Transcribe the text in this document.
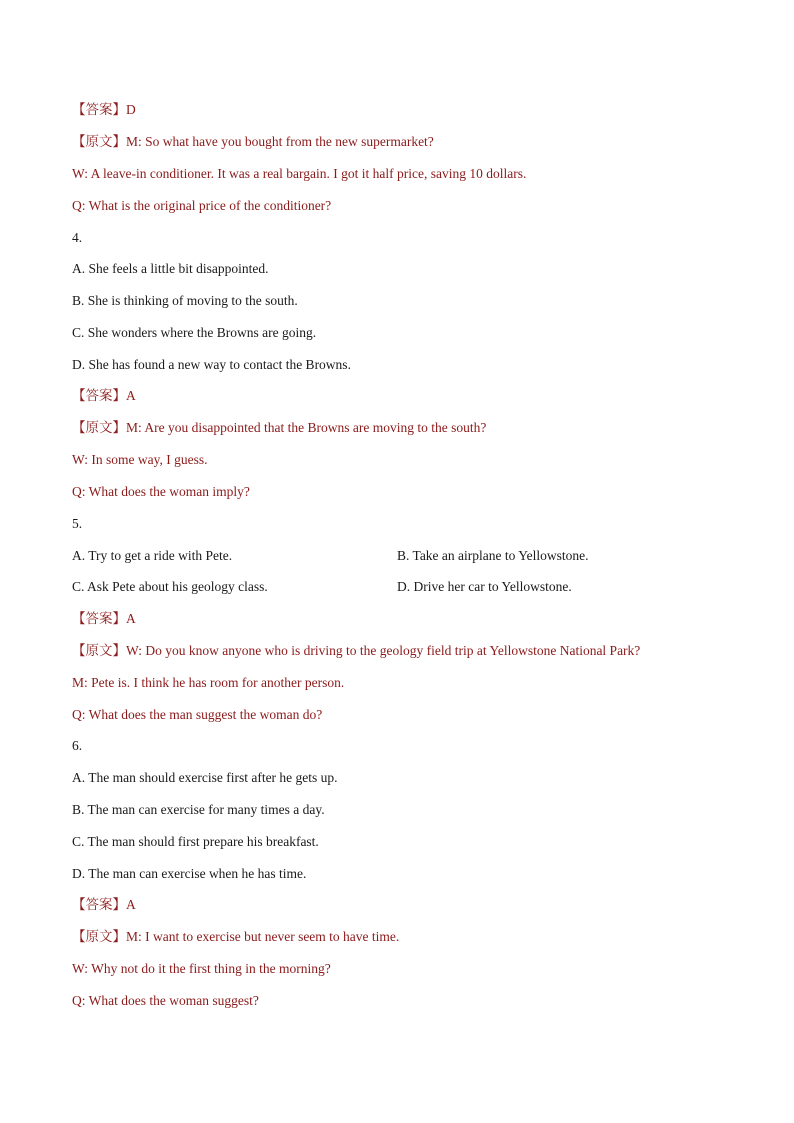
【答案】D
【原文】M: So what have you bought from the new supermarket?
W: A leave-in conditioner. It was a real bargain. I got it half price, saving 10 dollars.
Q: What is the original price of the conditioner?
4.
A. She feels a little bit disappointed.
B. She is thinking of moving to the south.
C. She wonders where the Browns are going.
D. She has found a new way to contact the Browns.
【答案】A
【原文】M: Are you disappointed that the Browns are moving to the south?
W: In some way, I guess.
Q: What does the woman imply?
5.
A. Try to get a ride with Pete.	B. Take an airplane to Yellowstone.
C. Ask Pete about his geology class.	D. Drive her car to Yellowstone.
【答案】A
【原文】W: Do you know anyone who is driving to the geology field trip at Yellowstone National Park?
M: Pete is. I think he has room for another person.
Q: What does the man suggest the woman do?
6.
A. The man should exercise first after he gets up.
B. The man can exercise for many times a day.
C. The man should first prepare his breakfast.
D. The man can exercise when he has time.
【答案】A
【原文】M: I want to exercise but never seem to have time.
W: Why not do it the first thing in the morning?
Q: What does the woman suggest?
